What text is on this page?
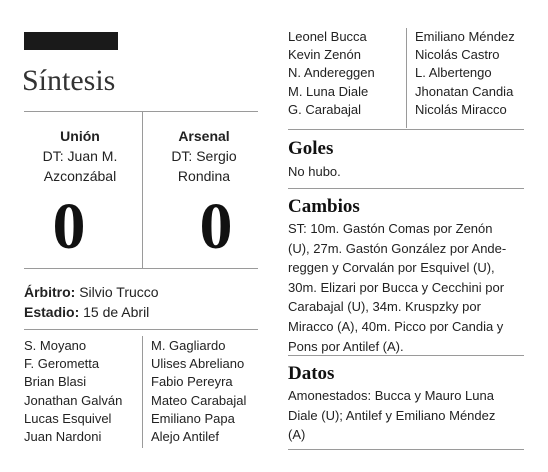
Síntesis
Unión
DT: Juan M. Azconzábal
Arsenal
DT: Sergio Rondina
0	0
Árbitro: Silvio Trucco
Estadio: 15 de Abril
S. Moyano
F. Gerometta
Brian Blasi
Jonathan Galván
Lucas Esquivel
Juan Nardoni
M. Gagliardo
Ulises Abreliano
Fabio Pereyra
Mateo Carabajal
Emiliano Papa
Alejo Antilef
Leonel Bucca
Kevin Zenón
N. Andereggen
M. Luna Diale
G. Carabajal
Emiliano Méndez
Nicolás Castro
L. Albertengo
Jhonatan Candia
Nicolás Miracco
Goles
No hubo.
Cambios
ST: 10m. Gastón Comas por Zenón
(U), 27m. Gastón González por Ande-
reggen y Corvalán por Esquivel (U),
30m. Elizari por Bucca y Cecchini por
Carabajal (U), 34m. Kruspzky por
Miracco (A), 40m. Picco por Candia y
Pons por Antilef (A).
Datos
Amonestados: Bucca y Mauro Luna
Diale (U); Antilef y Emiliano Méndez
(A)
